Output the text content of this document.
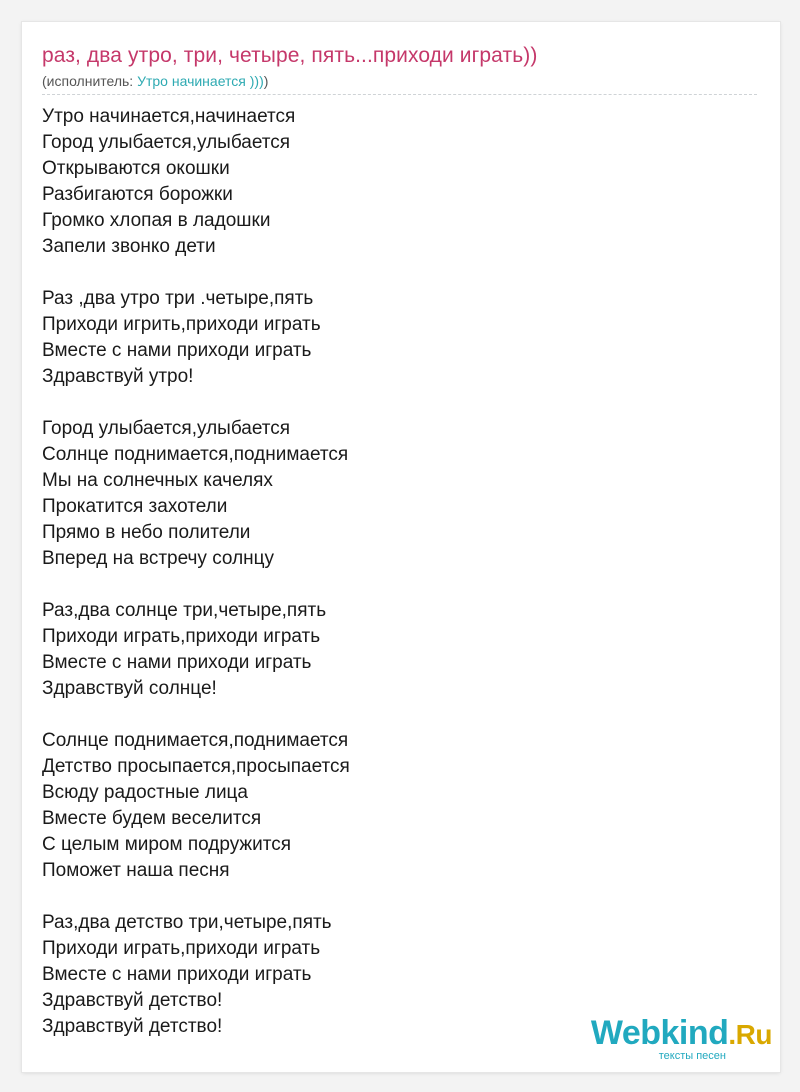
раз, два утро, три, четыре, пять...приходи играть))
(исполнитель: Утро начинается ))))
Утро начинается,начинается
Город улыбается,улыбается
Открываются окошки
Разбигаются борожки
Громко хлопая в ладошки
Запели звонко дети
Раз ,два утро три .четыре,пять
Приходи игрить,приходи играть
Вместе с нами приходи играть
Здравствуй утро!
Город улыбается,улыбается
Солнце поднимается,поднимается
Мы на солнечных качелях
Прокатится захотели
Прямо в небо полители
Вперед на встречу солнцу
Раз,два солнце три,четыре,пять
Приходи играть,приходи играть
Вместе с нами приходи играть
Здравствуй солнце!
Солнце поднимается,поднимается
Детство просыпается,просыпается
Всюду радостные лица
Вместе будем веселится
С целым миром подружится
Поможет наша песня
Раз,два детство три,четыре,пять
Приходи играть,приходи играть
Вместе с нами приходи играть
Здравствуй детство!
Здравствуй детство!	Webkind.Ru
тексты песен
